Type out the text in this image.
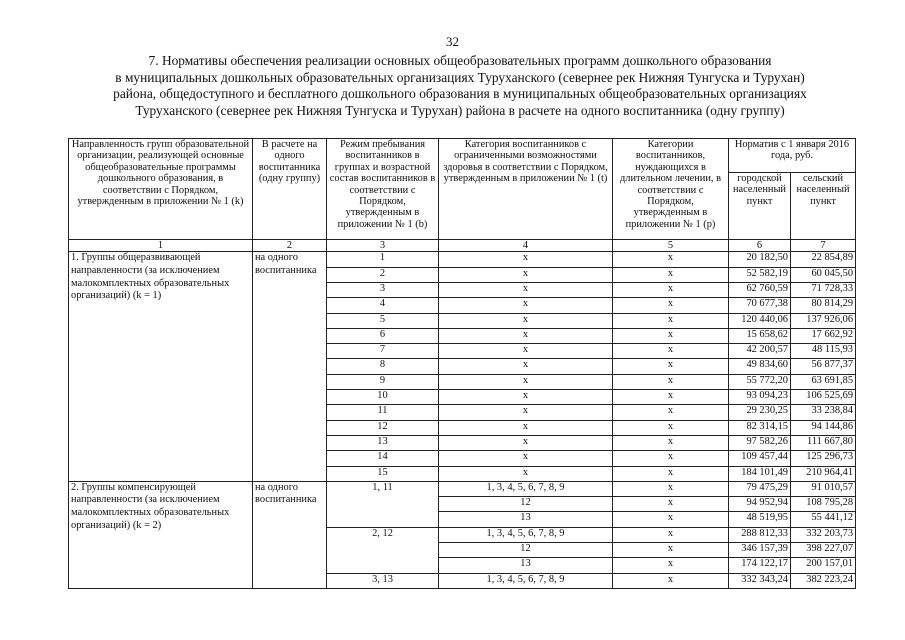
32
7. Нормативы обеспечения реализации основных общеобразовательных программ дошкольного образования
в муниципальных дошкольных образовательных организациях Туруханского (севернее рек Нижняя Тунгуска и Турухан)
района, общедоступного и бесплатного дошкольного образования в муниципальных общеобразовательных организациях
Туруханского (севернее рек Нижняя Тунгуска и Турухан) района в расчете на одного воспитанника (одну группу)
Направленность групп образовательной организации, реализующей основные общеобразовательные программы дошкольного образования, в соответствии с Порядком, утвержденным в приложении № 1 (k)	В расчете на одного воспитанника (одну группу)	Режим пребывания воспитанников в группах и возрастной состав воспитанников в соответствии с Порядком, утвержденным в приложении № 1 (b)	Категория воспитанников с ограниченными возможностями здоровья в соответствии с Порядком, утвержденным в приложении № 1 (t)	Категории воспитанников, нуждающихся в длительном лечении, в соответствии с Порядком, утвержденным в приложении № 1 (p)	Норматив с 1 января 2016 года, руб.	
					городской населенный пункт	сельский населенный пункт
1	2	3	4	5	6	7
1. Группы общеразвивающей направленности (за исключением малокомплектных образовательных организаций) (k = 1)	на одного воспитанника	1	х	х	20 182,50	22 854,89
		2	х	х	52 582,19	60 045,50
		3	х	х	62 760,59	71 728,33
		4	х	х	70 677,38	80 814,29
		5	х	х	120 440,06	137 926,06
		6	х	х	15 658,62	17 662,92
		7	х	х	42 200,57	48 115,93
		8	х	х	49 834,60	56 877,37
		9	х	х	55 772,20	63 691,85
		10	х	х	93 094,23	106 525,69
		11	х	х	29 230,25	33 238,84
		12	х	х	82 314,15	94 144,86
		13	х	х	97 582,26	111 667,80
		14	х	х	109 457,44	125 296,73
		15	х	х	184 101,49	210 964,41
2. Группы компенсирующей направленности (за исключением малокомплектных образовательных организаций) (k = 2)	на одного воспитанника	1, 11	1, 3, 4, 5, 6, 7, 8, 9	х	79 475,29	91 010,57
			12	х	94 952,94	108 795,28
			13	х	48 519,95	55 441,12
		2, 12	1, 3, 4, 5, 6, 7, 8, 9	х	288 812,33	332 203,73
			12	х	346 157,39	398 227,07
			13	х	174 122,17	200 157,01
		3, 13	1, 3, 4, 5, 6, 7, 8, 9	х	332 343,24	382 223,24
